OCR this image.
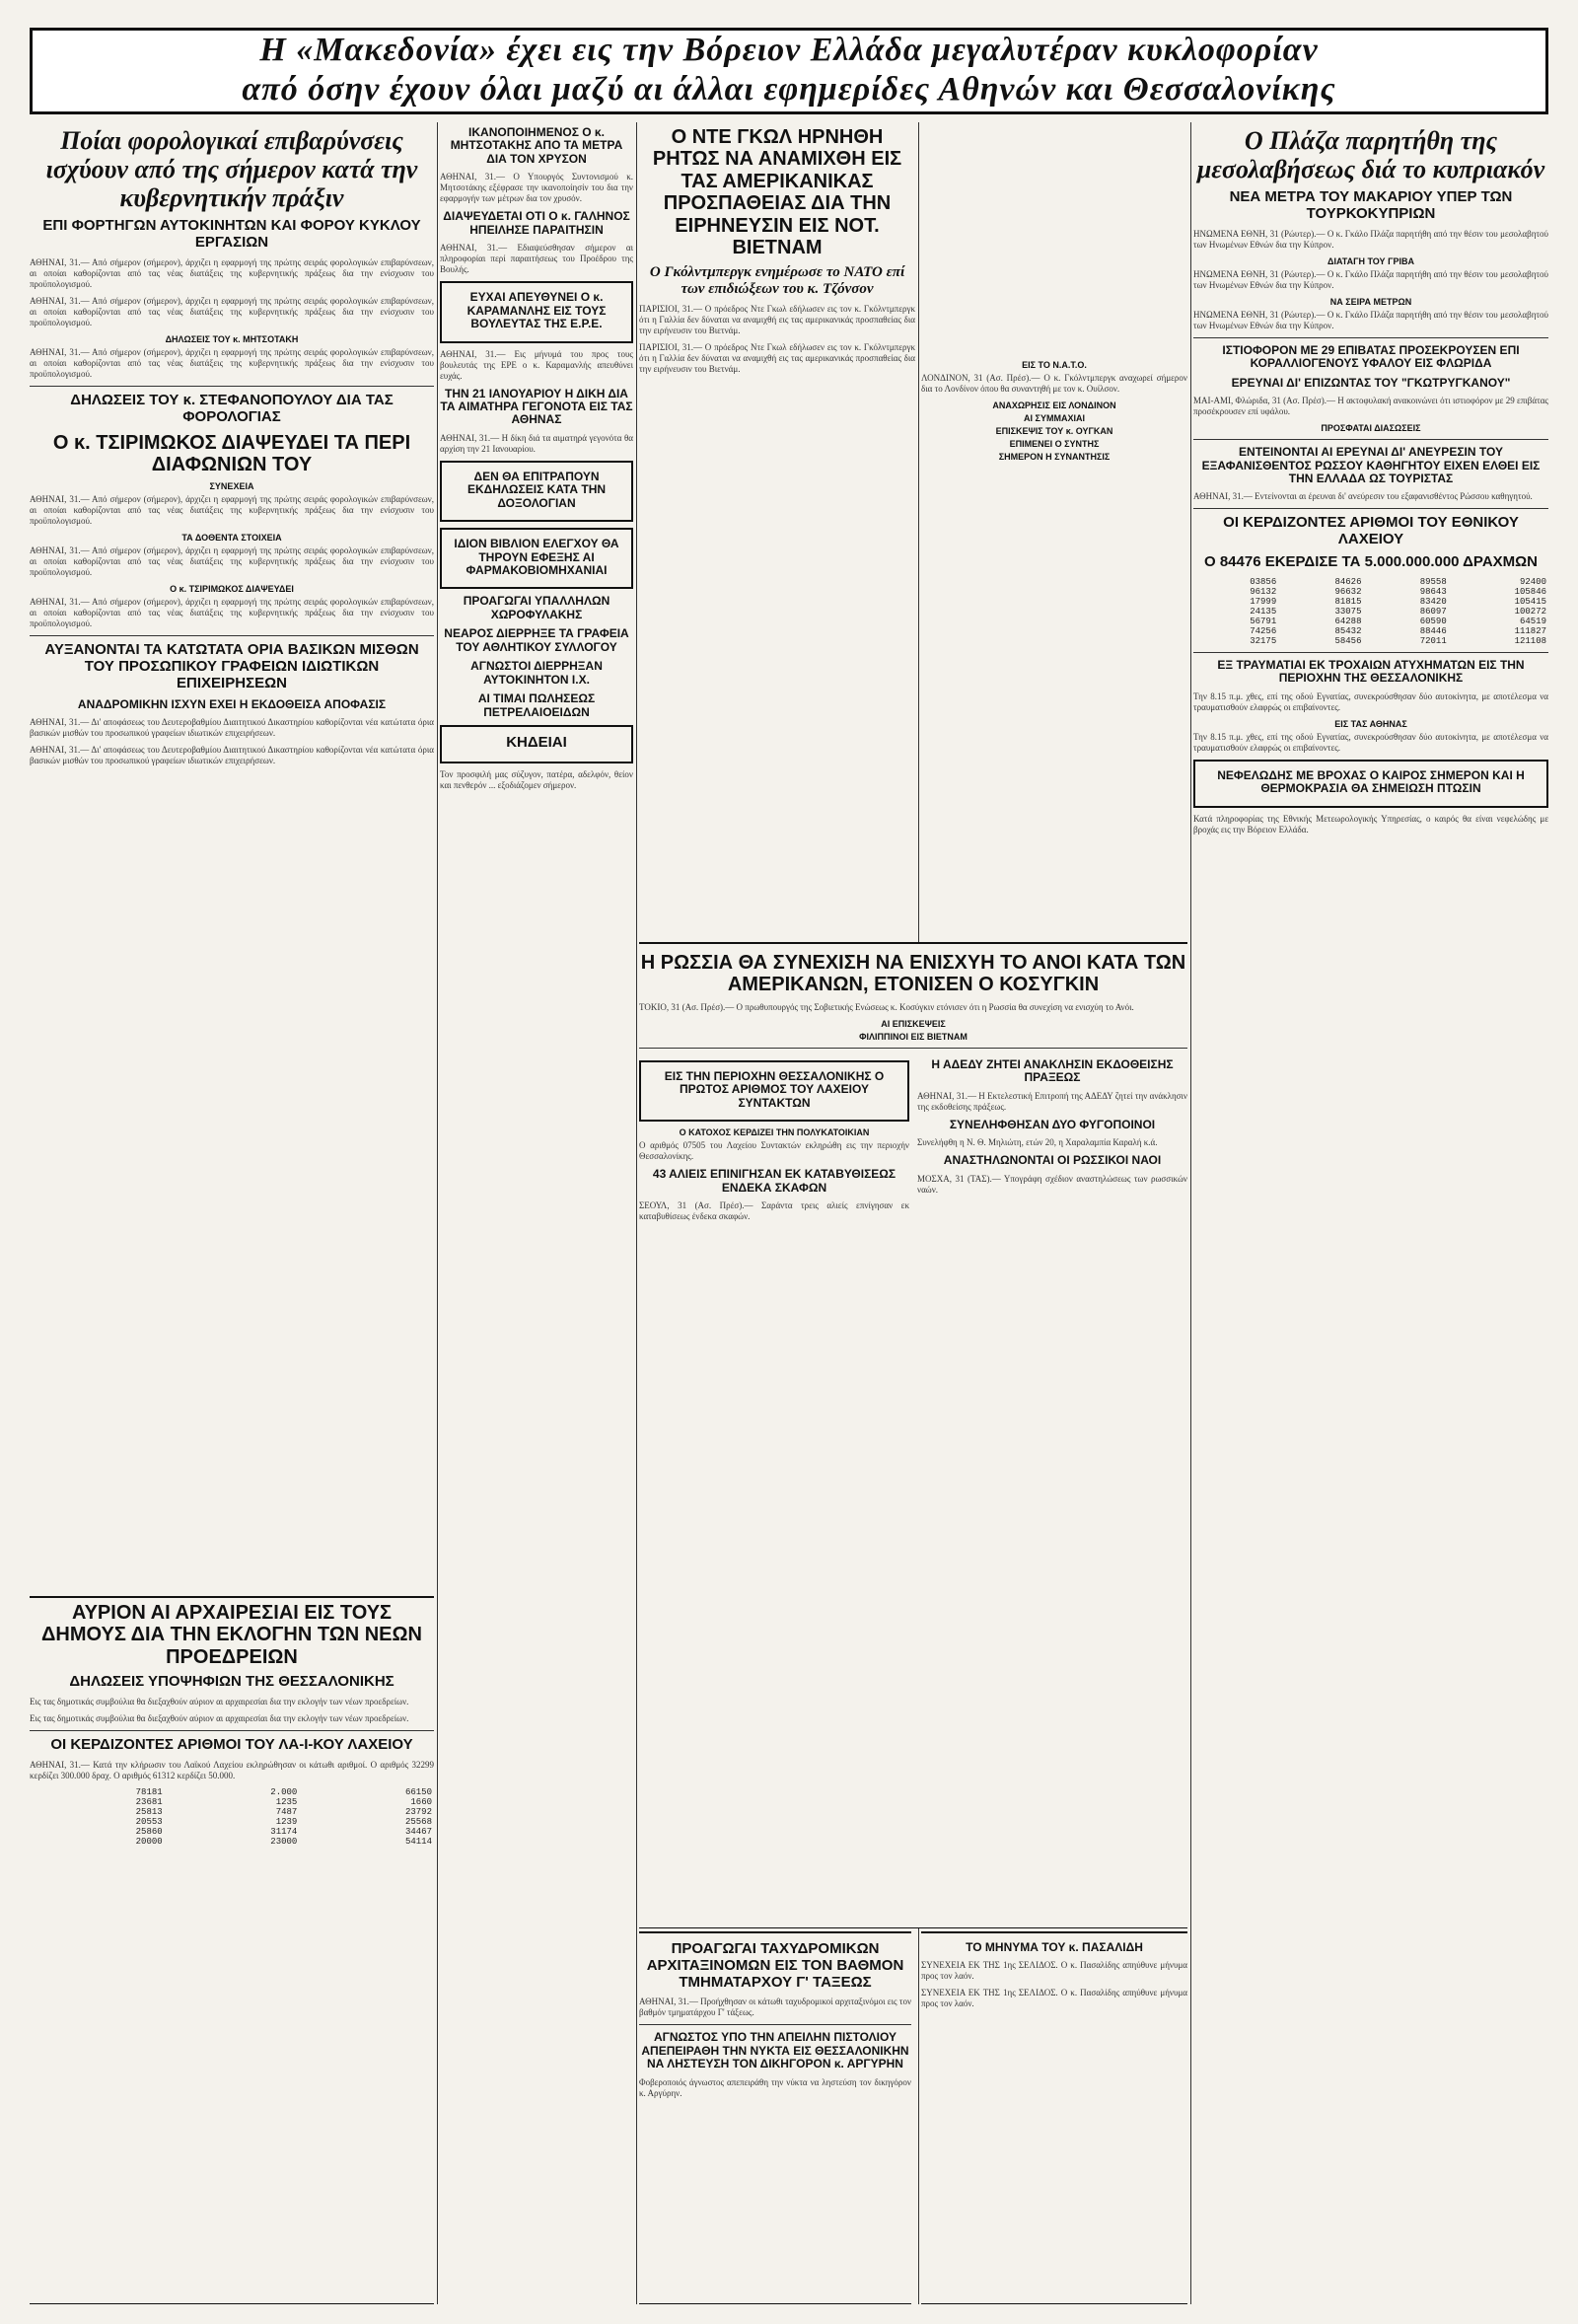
Η «Μακεδονία» έχει εις την Βόρειον Ελλάδα μεγαλυτέραν κυκλοφορίαν
από όσην έχουν όλαι μαζύ αι άλλαι εφημερίδες Αθηνών και Θεσσαλονίκης
Ποίαι φορολογικαί επιβαρύνσεις ισχύουν από της σήμερον κατά την κυβερνητικήν πράξιν
ΕΠΙ ΦΟΡΤΗΓΩΝ ΑΥΤΟΚΙΝΗΤΩΝ ΚΑΙ ΦΟΡΟΥ ΚΥΚΛΟΥ ΕΡΓΑΣΙΩΝ

ΑΘΗΝΑΙ, 31.— Από σήμερον (σήμερον), άρχιζει η εφαρμογή της πρώτης σειράς φορολογικών επιβαρύνσεων, αι οποίαι καθορίζονται από τας νέας διατάξεις της κυβερνητικής πράξεως δια την ενίσχυσιν του προϋπολογισμού.

ΑΘΗΝΑΙ, 31.— Από σήμερον (σήμερον), άρχιζει η εφαρμογή της πρώτης σειράς φορολογικών επιβαρύνσεων, αι οποίαι καθορίζονται από τας νέας διατάξεις της κυβερνητικής πράξεως δια την ενίσχυσιν του προϋπολογισμού.

ΔΗΛΩΣΕΙΣ ΤΟΥ κ. ΜΗΤΣΟΤΑΚΗ

ΑΘΗΝΑΙ, 31.— Από σήμερον (σήμερον), άρχιζει η εφαρμογή της πρώτης σειράς φορολογικών επιβαρύνσεων, αι οποίαι καθορίζονται από τας νέας διατάξεις της κυβερνητικής πράξεως δια την ενίσχυσιν του προϋπολογισμού.

ΔΗΛΩΣΕΙΣ ΤΟΥ κ. ΣΤΕΦΑΝΟΠΟΥΛΟΥ ΔΙΑ ΤΑΣ ΦΟΡΟΛΟΓΙΑΣ
Ο κ. ΤΣΙΡΙΜΩΚΟΣ ΔΙΑΨΕΥΔΕΙ ΤΑ ΠΕΡΙ ΔΙΑΦΩΝΙΩΝ ΤΟΥ
ΣΥΝΕΧΕΙΑ

ΑΘΗΝΑΙ, 31.— Από σήμερον (σήμερον), άρχιζει η εφαρμογή της πρώτης σειράς φορολογικών επιβαρύνσεων, αι οποίαι καθορίζονται από τας νέας διατάξεις της κυβερνητικής πράξεως δια την ενίσχυσιν του προϋπολογισμού.

ΤΑ ΔΟΘΕΝΤΑ ΣΤΟΙΧΕΙΑ

ΑΘΗΝΑΙ, 31.— Από σήμερον (σήμερον), άρχιζει η εφαρμογή της πρώτης σειράς φορολογικών επιβαρύνσεων, αι οποίαι καθορίζονται από τας νέας διατάξεις της κυβερνητικής πράξεως δια την ενίσχυσιν του προϋπολογισμού.

Ο κ. ΤΣΙΡΙΜΩΚΟΣ ΔΙΑΨΕΥΔΕΙ

ΑΘΗΝΑΙ, 31.— Από σήμερον (σήμερον), άρχιζει η εφαρμογή της πρώτης σειράς φορολογικών επιβαρύνσεων, αι οποίαι καθορίζονται από τας νέας διατάξεις της κυβερνητικής πράξεως δια την ενίσχυσιν του προϋπολογισμού.

ΑΥΞΑΝΟΝΤΑΙ ΤΑ ΚΑΤΩΤΑΤΑ ΟΡΙΑ ΒΑΣΙΚΩΝ ΜΙΣΘΩΝ ΤΟΥ ΠΡΟΣΩΠΙΚΟΥ ΓΡΑΦΕΙΩΝ ΙΔΙΩΤΙΚΩΝ ΕΠΙΧΕΙΡΗΣΕΩΝ
ΑΝΑΔΡΟΜΙΚΗΝ ΙΣΧΥΝ ΕΧΕΙ Η ΕΚΔΟΘΕΙΣΑ ΑΠΟΦΑΣΙΣ

ΑΘΗΝΑΙ, 31.— Δι' αποφάσεως του Δευτεροβαθμίου Διαιτητικού Δικαστηρίου καθορίζονται νέα κατώτατα όρια βασικών μισθών του προσωπικού γραφείων ιδιωτικών επιχειρήσεων.

ΑΘΗΝΑΙ, 31.— Δι' αποφάσεως του Δευτεροβαθμίου Διαιτητικού Δικαστηρίου καθορίζονται νέα κατώτατα όρια βασικών μισθών του προσωπικού γραφείων ιδιωτικών επιχειρήσεων.

ΑΥΡΙΟΝ ΑΙ ΑΡΧΑΙΡΕΣΙΑΙ ΕΙΣ ΤΟΥΣ ΔΗΜΟΥΣ ΔΙΑ ΤΗΝ ΕΚΛΟΓΗΝ ΤΩΝ ΝΕΩΝ ΠΡΟΕΔΡΕΙΩΝ
ΔΗΛΩΣΕΙΣ ΥΠΟΨΗΦΙΩΝ ΤΗΣ ΘΕΣΣΑΛΟΝΙΚΗΣ

Εις τας δημοτικάς συμβούλια θα διεξαχθούν αύριον αι αρχαιρεσίαι δια την εκλογήν των νέων προεδρείων.

Εις τας δημοτικάς συμβούλια θα διεξαχθούν αύριον αι αρχαιρεσίαι δια την εκλογήν των νέων προεδρείων.

ΟΙ ΚΕΡΔΙΖΟΝΤΕΣ ΑΡΙΘΜΟΙ ΤΟΥ ΛΑ-Ι-ΚΟΥ ΛΑΧΕΙΟΥ

ΑΘΗΝΑΙ, 31.— Κατά την κλήρωσιν του Λαϊκού Λαχείου εκληρώθησαν οι κάτωθι αριθμοί. Ο αριθμός 32299 κερδίζει 300.000 δραχ. Ο αριθμός 61312 κερδίζει 50.000.

78181	2.000	66150
23681	1235	1660
25813	7487	23792
20553	1239	25568
25860	31174	34467
20000	23000	54114
ΙΚΑΝΟΠΟΙΗΜΕΝΟΣ Ο κ. ΜΗΤΣΟΤΑΚΗΣ ΑΠΟ ΤΑ ΜΕΤΡΑ ΔΙΑ ΤΟΝ ΧΡΥΣΟΝ

ΑΘΗΝΑΙ, 31.— Ο Υπουργός Συντονισμού κ. Μητσοτάκης εξέφρασε την ικανοποίησίν του δια την εφαρμογήν των μέτρων δια τον χρυσόν.

ΔΙΑΨΕΥΔΕΤΑΙ ΟΤΙ Ο κ. ΓΑΛΗΝΟΣ ΗΠΕΙΛΗΣΕ ΠΑΡΑΙΤΗΣΙΝ

ΑΘΗΝΑΙ, 31.— Εδιαψεύσθησαν σήμερον αι πληροφορίαι περί παραιτήσεως του Προέδρου της Βουλής.

ΕΥΧΑΙ ΑΠΕΥΘΥΝΕΙ Ο κ. ΚΑΡΑΜΑΝΛΗΣ ΕΙΣ ΤΟΥΣ ΒΟΥΛΕΥΤΑΣ ΤΗΣ Ε.Ρ.Ε.

ΑΘΗΝΑΙ, 31.— Εις μήνυμά του προς τους βουλευτάς της ΕΡΕ ο κ. Καραμανλής απευθύνει ευχάς.

ΤΗΝ 21 ΙΑΝΟΥΑΡΙΟΥ Η ΔΙΚΗ ΔΙΑ ΤΑ ΑΙΜΑΤΗΡΑ ΓΕΓΟΝΟΤΑ ΕΙΣ ΤΑΣ ΑΘΗΝΑΣ

ΑΘΗΝΑΙ, 31.— Η δίκη διά τα αιματηρά γεγονότα θα αρχίση την 21 Ιανουαρίου.

ΔΕΝ ΘΑ ΕΠΙΤΡΑΠΟΥΝ ΕΚΔΗΛΩΣΕΙΣ ΚΑΤΑ ΤΗΝ ΔΟΞΟΛΟΓΙΑΝ
ΙΔΙΟΝ ΒΙΒΛΙΟΝ ΕΛΕΓΧΟΥ ΘΑ ΤΗΡΟΥΝ ΕΦΕΞΗΣ ΑΙ ΦΑΡΜΑΚΟΒΙΟΜΗΧΑΝΙΑΙ
ΠΡΟΑΓΩΓΑΙ ΥΠΑΛΛΗΛΩΝ ΧΩΡΟΦΥΛΑΚΗΣ
ΝΕΑΡΟΣ ΔΙΕΡΡΗΞΕ ΤΑ ΓΡΑΦΕΙΑ ΤΟΥ ΑΘΛΗΤΙΚΟΥ ΣΥΛΛΟΓΟΥ
ΑΓΝΩΣΤΟΙ ΔΙΕΡΡΗΞΑΝ ΑΥΤΟΚΙΝΗΤΟΝ Ι.Χ.
ΑΙ ΤΙΜΑΙ ΠΩΛΗΣΕΩΣ ΠΕΤΡΕΛΑΙΟΕΙΔΩΝ
ΚΗΔΕΙΑΙ

Τον προσφιλή μας σύζυγον, πατέρα, αδελφόν, θείον και πενθερόν ... εξοδιάζομεν σήμερον.

Ο ΝΤΕ ΓΚΩΛ ΗΡΝΗΘΗ ΡΗΤΩΣ ΝΑ ΑΝΑΜΙΧΘΗ ΕΙΣ ΤΑΣ ΑΜΕΡΙΚΑΝΙΚΑΣ ΠΡΟΣΠΑΘΕΙΑΣ ΔΙΑ ΤΗΝ ΕΙΡΗΝΕΥΣΙΝ ΕΙΣ ΝΟΤ. ΒΙΕΤΝΑΜ
Ο Γκόλντμπεργκ ενημέρωσε το ΝΑΤΟ επί των επιδιώξεων του κ. Τζόνσον

ΠΑΡΙΣΙΟΙ, 31.— Ο πρόεδρος Ντε Γκωλ εδήλωσεν εις τον κ. Γκόλντμπεργκ ότι η Γαλλία δεν δύναται να αναμιχθή εις τας αμερικανικάς προσπαθείας δια την ειρήνευσιν του Βιετνάμ.

ΠΑΡΙΣΙΟΙ, 31.— Ο πρόεδρος Ντε Γκωλ εδήλωσεν εις τον κ. Γκόλντμπεργκ ότι η Γαλλία δεν δύναται να αναμιχθή εις τας αμερικανικάς προσπαθείας δια την ειρήνευσιν του Βιετνάμ.	ΕΙΣ ΤΟ Ν.Α.Τ.Ο.

ΛΟΝΔΙΝΟΝ, 31 (Ασ. Πρέσ).— Ο κ. Γκόλντμπεργκ αναχωρεί σήμερον δια το Λονδίνον όπου θα συναντηθή με τον κ. Ουίλσον.

ΑΝΑΧΩΡΗΣΙΣ ΕΙΣ ΛΟΝΔΙΝΟΝ
ΑΙ ΣΥΜΜΑΧΙΑΙ
ΕΠΙΣΚΕΨΙΣ ΤΟΥ κ. ΟΥΓΚΑΝ
ΕΠΙΜΕΝΕΙ Ο ΣΥΝΤΗΣ
ΣΗΜΕΡΟΝ Η ΣΥΝΑΝΤΗΣΙΣ
Η ΡΩΣΣΙΑ ΘΑ ΣΥΝΕΧΙΣΗ ΝΑ ΕΝΙΣΧΥΗ ΤΟ ΑΝΟΙ ΚΑΤΑ ΤΩΝ ΑΜΕΡΙΚΑΝΩΝ, ΕΤΟΝΙΣΕΝ Ο ΚΟΣΥΓΚΙΝ

ΤΟΚΙΟ, 31 (Ασ. Πρέσ).— Ο πρωθυπουργός της Σοβιετικής Ενώσεως κ. Κοσύγκιν ετόνισεν ότι η Ρωσσία θα συνεχίση να ενισχύη το Ανόι.

ΑΙ ΕΠΙΣΚΕΨΕΙΣ
ΦΙΛΙΠΠΙΝΟΙ ΕΙΣ ΒΙΕΤΝΑΜ
ΕΙΣ ΤΗΝ ΠΕΡΙΟΧΗΝ ΘΕΣΣΑΛΟΝΙΚΗΣ Ο ΠΡΩΤΟΣ ΑΡΙΘΜΟΣ ΤΟΥ ΛΑΧΕΙΟΥ ΣΥΝΤΑΚΤΩΝ
Ο ΚΑΤΟΧΟΣ ΚΕΡΔΙΖΕΙ ΤΗΝ ΠΟΛΥΚΑΤΟΙΚΙΑΝ

Ο αριθμός 07505 του Λαχείου Συντακτών εκληρώθη εις την περιοχήν Θεσσαλονίκης.

43 ΑΛΙΕΙΣ ΕΠΙΝΙΓΗΣΑΝ ΕΚ ΚΑΤΑΒΥΘΙΣΕΩΣ ΕΝΔΕΚΑ ΣΚΑΦΩΝ

ΣΕΟΥΛ, 31 (Ασ. Πρέσ).— Σαράντα τρεις αλιείς επνίγησαν εκ καταβυθίσεως ένδεκα σκαφών.

Η ΑΔΕΔΥ ΖΗΤΕΙ ΑΝΑΚΛΗΣΙΝ ΕΚΔΟΘΕΙΣΗΣ ΠΡΑΞΕΩΣ

ΑΘΗΝΑΙ, 31.— Η Εκτελεστική Επιτροπή της ΑΔΕΔΥ ζητεί την ανάκλησιν της εκδοθείσης πράξεως.

ΣΥΝΕΛΗΦΘΗΣΑΝ ΔΥΟ ΦΥΓΟΠΟΙΝΟΙ

Συνελήφθη η Ν. Θ. Μηλιώτη, ετών 20, η Χαραλαμπία Καραλή κ.ά.

ΑΝΑΣΤΗΛΩΝΟΝΤΑΙ ΟΙ ΡΩΣΣΙΚΟΙ ΝΑΟΙ

ΜΟΣΧΑ, 31 (ΤΑΣ).— Υπογράφη σχέδιον αναστηλώσεως των ρωσσικών ναών.

ΠΡΟΑΓΩΓΑΙ ΤΑΧΥΔΡΟΜΙΚΩΝ ΑΡΧΙΤΑΞΙΝΟΜΩΝ ΕΙΣ ΤΟΝ ΒΑΘΜΟΝ ΤΜΗΜΑΤΑΡΧΟΥ Γ' ΤΑΞΕΩΣ

ΑΘΗΝΑΙ, 31.— Προήχθησαν οι κάτωθι ταχυδρομικοί αρχιταξινόμοι εις τον βαθμόν τμηματάρχου Γ' τάξεως.

ΑΓΝΩΣΤΟΣ ΥΠΟ ΤΗΝ ΑΠΕΙΛΗΝ ΠΙΣΤΟΛΙΟΥ ΑΠΕΠΕΙΡΑΘΗ ΤΗΝ ΝΥΚΤΑ ΕΙΣ ΘΕΣΣΑΛΟΝΙΚΗΝ ΝΑ ΛΗΣΤΕΥΣΗ ΤΟΝ ΔΙΚΗΓΟΡΟΝ κ. ΑΡΓΥΡΗΝ

Φοβεροποιός άγνωστος απεπειράθη την νύκτα να ληστεύση τον δικηγόρον κ. Αργύρην.

ΤΟ ΜΗΝΥΜΑ ΤΟΥ κ. ΠΑΣΑΛΙΔΗ

ΣΥΝΕΧΕΙΑ ΕΚ ΤΗΣ 1ης ΣΕΛΙΔΟΣ. Ο κ. Πασαλίδης απηύθυνε μήνυμα προς τον λαόν.

ΣΥΝΕΧΕΙΑ ΕΚ ΤΗΣ 1ης ΣΕΛΙΔΟΣ. Ο κ. Πασαλίδης απηύθυνε μήνυμα προς τον λαόν.

Ο Πλάζα παρητήθη της μεσολαβήσεως διά το κυπριακόν
ΝΕΑ ΜΕΤΡΑ ΤΟΥ ΜΑΚΑΡΙΟΥ ΥΠΕΡ ΤΩΝ ΤΟΥΡΚΟΚΥΠΡΙΩΝ

ΗΝΩΜΕΝΑ ΕΘΝΗ, 31 (Ρώυτερ).— Ο κ. Γκάλο Πλάζα παρητήθη από την θέσιν του μεσολαβητού των Ηνωμένων Εθνών δια την Κύπρον.

ΔΙΑΤΑΓΗ ΤΟΥ ΓΡΙΒΑ

ΗΝΩΜΕΝΑ ΕΘΝΗ, 31 (Ρώυτερ).— Ο κ. Γκάλο Πλάζα παρητήθη από την θέσιν του μεσολαβητού των Ηνωμένων Εθνών δια την Κύπρον.

ΝΑ ΣΕΙΡΑ ΜΕΤΡΩΝ

ΗΝΩΜΕΝΑ ΕΘΝΗ, 31 (Ρώυτερ).— Ο κ. Γκάλο Πλάζα παρητήθη από την θέσιν του μεσολαβητού των Ηνωμένων Εθνών δια την Κύπρον.

ΙΣΤΙΟΦΟΡΟΝ ΜΕ 29 ΕΠΙΒΑΤΑΣ ΠΡΟΣΕΚΡΟΥΣΕΝ ΕΠΙ ΚΟΡΑΛΛΙΟΓΕΝΟΥΣ ΥΦΑΛΟΥ ΕΙΣ ΦΛΩΡΙΔΑ
ΕΡΕΥΝΑΙ ΔΙ' ΕΠΙΖΩΝΤΑΣ ΤΟΥ "ΓΚΩΤΡΥΓΚΑΝΟΥ"

ΜΑΙ-ΑΜΙ, Φλώριδα, 31 (Ασ. Πρέσ).— Η ακτοφυλακή ανακοινώνει ότι ιστιοφόρον με 29 επιβάτας προσέκρουσεν επί υφάλου.

ΠΡΟΣΦΑΤΑΙ ΔΙΑΣΩΣΕΙΣ
ΕΝΤΕΙΝΟΝΤΑΙ ΑΙ ΕΡΕΥΝΑΙ ΔΙ' ΑΝΕΥΡΕΣΙΝ ΤΟΥ ΕΞΑΦΑΝΙΣΘΕΝΤΟΣ ΡΩΣΣΟΥ ΚΑΘΗΓΗΤΟΥ ΕΙΧΕΝ ΕΛΘΕΙ ΕΙΣ ΤΗΝ ΕΛΛΑΔΑ ΩΣ ΤΟΥΡΙΣΤΑΣ

ΑΘΗΝΑΙ, 31.— Εντείνονται αι έρευναι δι' ανεύρεσιν του εξαφανισθέντος Ρώσσου καθηγητού.

ΟΙ ΚΕΡΔΙΖΟΝΤΕΣ ΑΡΙΘΜΟΙ ΤΟΥ ΕΘΝΙΚΟΥ ΛΑΧΕΙΟΥ
Ο 84476 ΕΚΕΡΔΙΣΕ ΤΑ 5.000.000.000 ΔΡΑΧΜΩΝ
03856	84626	89558	92400
96132	96632	98643	105846
17999	81815	83420	105415
24135	33075	86097	100272
56791	64288	60590	64519
74256	85432	88446	111827
32175	58456	72011	121108
ΕΞ ΤΡΑΥΜΑΤΙΑΙ ΕΚ ΤΡΟΧΑΙΩΝ ΑΤΥΧΗΜΑΤΩΝ ΕΙΣ ΤΗΝ ΠΕΡΙΟΧΗΝ ΤΗΣ ΘΕΣΣΑΛΟΝΙΚΗΣ

Την 8.15 π.μ. χθες, επί της οδού Εγνατίας, συνεκρούσθησαν δύο αυτοκίνητα, με αποτέλεσμα να τραυματισθούν ελαφρώς οι επιβαίνοντες.

ΕΙΣ ΤΑΣ ΑΘΗΝΑΣ

Την 8.15 π.μ. χθες, επί της οδού Εγνατίας, συνεκρούσθησαν δύο αυτοκίνητα, με αποτέλεσμα να τραυματισθούν ελαφρώς οι επιβαίνοντες.

ΝΕΦΕΛΩΔΗΣ ΜΕ ΒΡΟΧΑΣ Ο ΚΑΙΡΟΣ ΣΗΜΕΡΟΝ ΚΑΙ Η ΘΕΡΜΟΚΡΑΣΙΑ ΘΑ ΣΗΜΕΙΩΣΗ ΠΤΩΣΙΝ

Κατά πληροφορίας της Εθνικής Μετεωρολογικής Υπηρεσίας, ο καιρός θα είναι νεφελώδης με βροχάς εις την Βόρειον Ελλάδα.
